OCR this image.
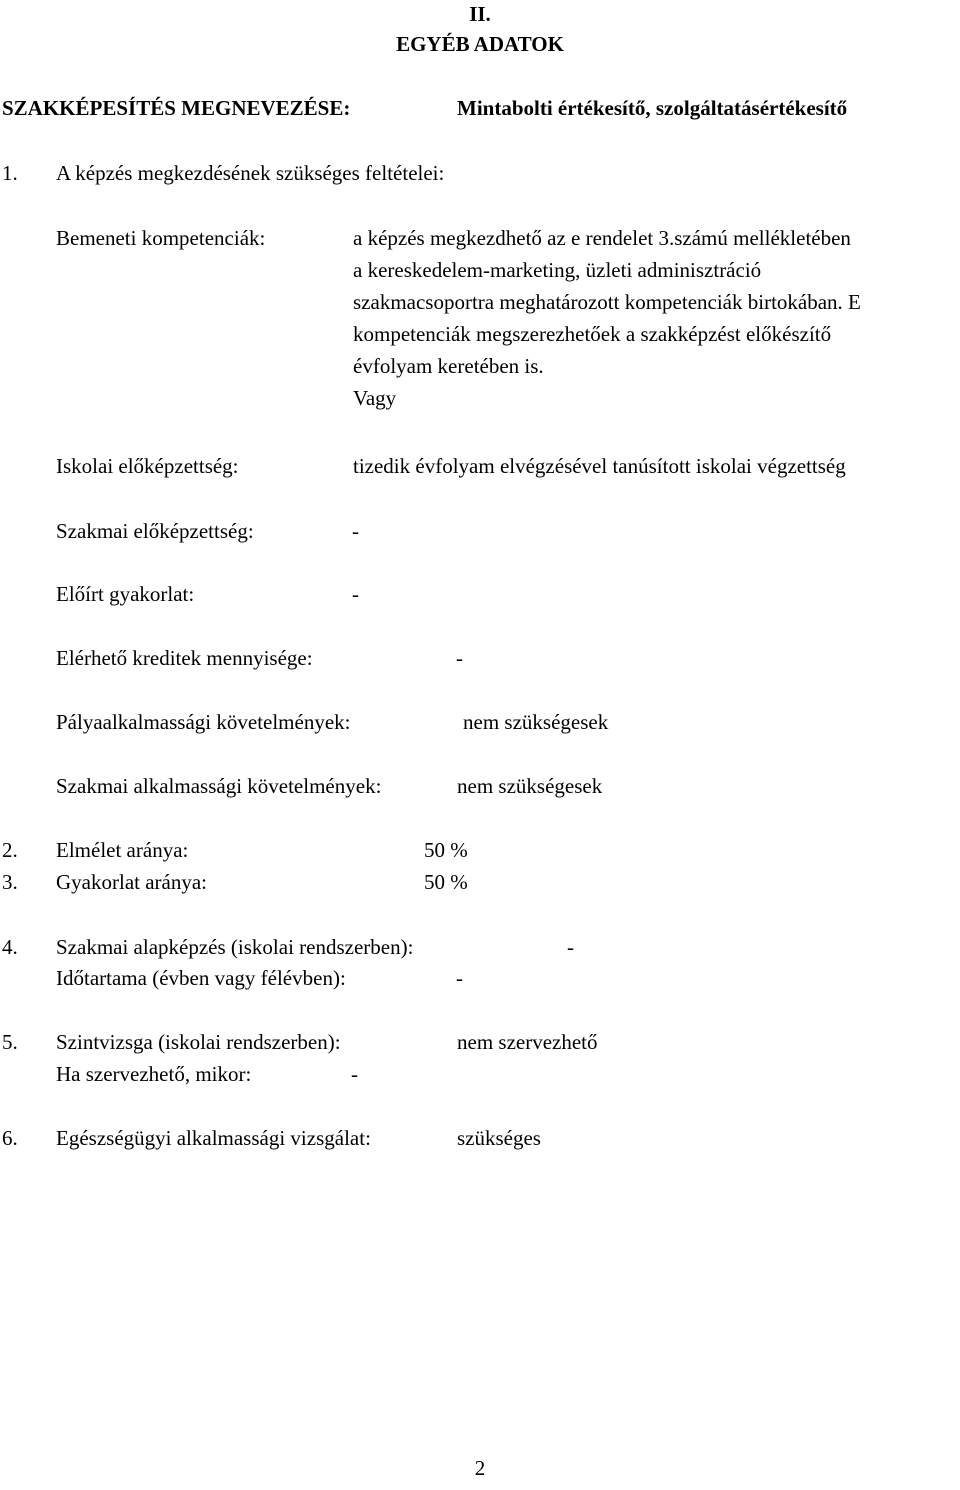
II.
EGYÉB ADATOK
SZAKKÉPESÍTÉS MEGNEVEZÉSE:	Mintabolti értékesítő, szolgáltatásértékesítő
1. A képzés megkezdésének szükséges feltételei:
Bemeneti kompetenciák:	a képzés megkezdhető az e rendelet 3.számú mellékletében
a kereskedelem-marketing, üzleti adminisztráció
szakmacsoportra meghatározott kompetenciák birtokában. E
kompetenciák megszerezhetőek a szakképzést előkészítő
évfolyam keretében is.
Vagy
Iskolai előképzettség:	tizedik évfolyam elvégzésével tanúsított iskolai végzettség
Szakmai előképzettség:	-
Előírt gyakorlat:	-
Elérhető kreditek mennyisége:	-
Pályaalkalmassági követelmények:	nem szükségesek
Szakmai alkalmassági követelmények:	nem szükségesek
2. Elmélet aránya:	50 %
3. Gyakorlat aránya:	50 %
4. Szakmai alapképzés (iskolai rendszerben):	-
Időtartama (évben vagy félévben):	-
5. Szintvizsga (iskolai rendszerben):	nem szervezhető
Ha szervezhető, mikor:	-
6. Egészségügyi alkalmassági vizsgálat:	szükséges
2
